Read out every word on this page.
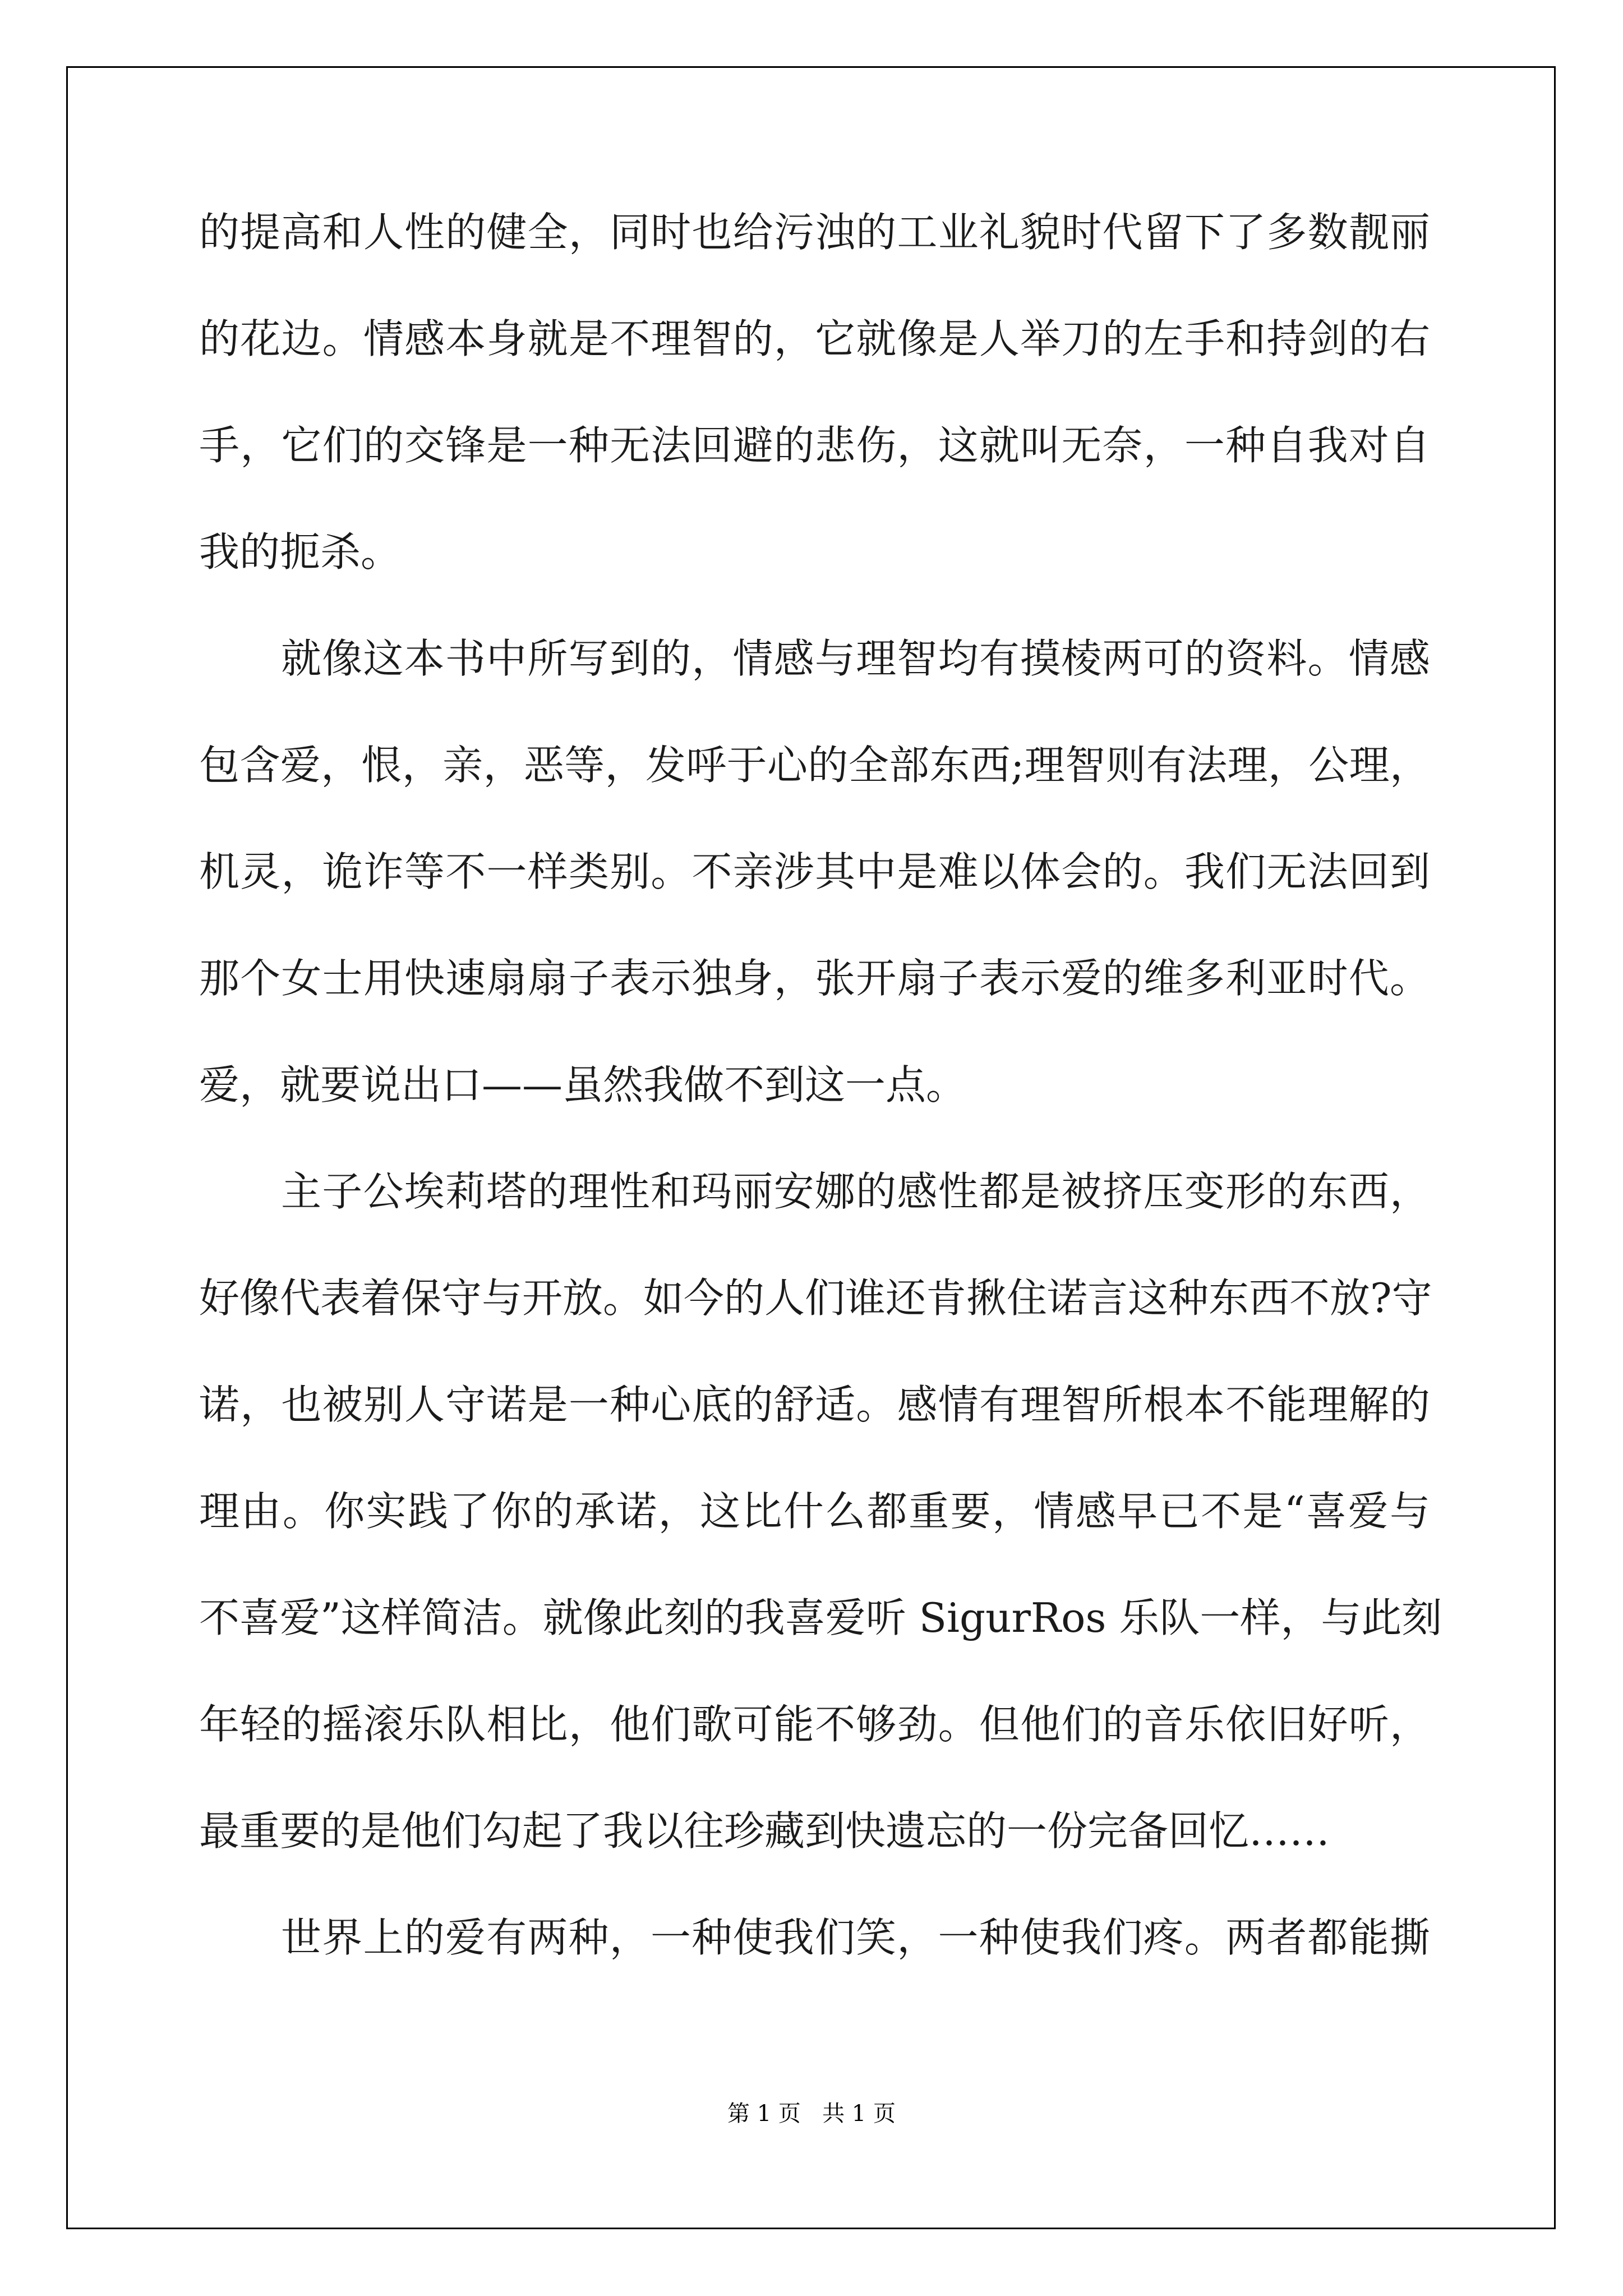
的提高和人性的健全，同时也给污浊的工业礼貌时代留下了多数靓丽
的花边。情感本身就是不理智的，它就像是人举刀的左手和持剑的右
手，它们的交锋是一种无法回避的悲伤，这就叫无奈，一种自我对自
我的扼杀。
就像这本书中所写到的，情感与理智均有摸棱两可的资料。情感
包含爱，恨，亲，恶等，发呼于心的全部东西;理智则有法理，公理，
机灵，诡诈等不一样类别。不亲涉其中是难以体会的。我们无法回到
那个女士用快速扇扇子表示独身，张开扇子表示爱的维多利亚时代。
爱，就要说出口——虽然我做不到这一点。
主子公埃莉塔的理性和玛丽安娜的感性都是被挤压变形的东西，
好像代表着保守与开放。如今的人们谁还肯揪住诺言这种东西不放?守
诺，也被别人守诺是一种心底的舒适。感情有理智所根本不能理解的
理由。你实践了你的承诺，这比什么都重要，情感早已不是“喜爱与
不喜爱”这样简洁。就像此刻的我喜爱听 SigurRos 乐队一样，与此刻
年轻的摇滚乐队相比，他们歌可能不够劲。但他们的音乐依旧好听，
最重要的是他们勾起了我以往珍藏到快遗忘的一份完备回忆……
世界上的爱有两种，一种使我们笑，一种使我们疼。两者都能撕
第 1 页   共 1 页
